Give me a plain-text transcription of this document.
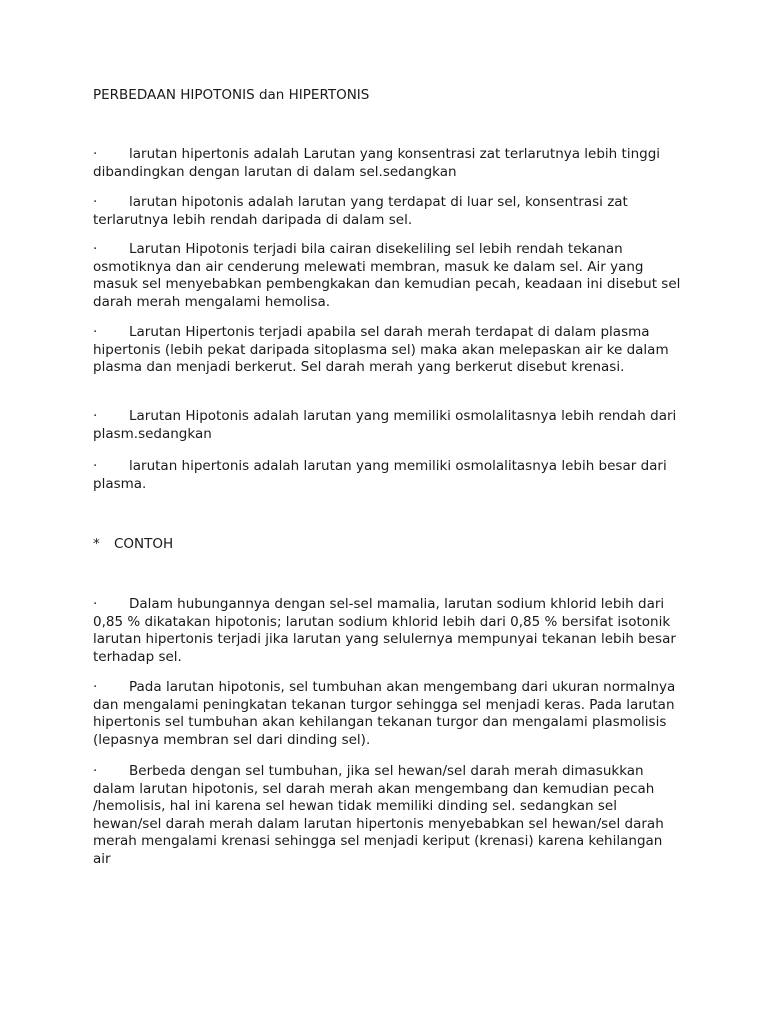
PERBEDAAN HIPOTONIS dan HIPERTONIS

· larutan hipertonis adalah Larutan yang konsentrasi zat terlarutnya lebih tinggi dibandingkan dengan larutan di dalam sel.sedangkan

· larutan hipotonis adalah larutan yang terdapat di luar sel, konsentrasi zat terlarutnya lebih rendah daripada di dalam sel.

· Larutan Hipotonis terjadi bila cairan disekeliling sel lebih rendah tekanan osmotiknya dan air cenderung melewati membran, masuk ke dalam sel. Air yang masuk sel menyebabkan pembengkakan dan kemudian pecah, keadaan ini disebut sel darah merah mengalami hemolisa.

· Larutan Hipertonis terjadi apabila sel darah merah terdapat di dalam plasma hipertonis (lebih pekat daripada sitoplasma sel) maka akan melepaskan air ke dalam plasma dan menjadi berkerut. Sel darah merah yang berkerut disebut krenasi.

· Larutan Hipotonis adalah larutan yang memiliki osmolalitasnya lebih rendah dari plasm.sedangkan

· larutan hipertonis adalah larutan yang memiliki osmolalitasnya lebih besar dari plasma.

* CONTOH

· Dalam hubungannya dengan sel-sel mamalia, larutan sodium khlorid lebih dari 0,85 % dikatakan hipotonis; larutan sodium khlorid lebih dari 0,85 % bersifat isotonik larutan hipertonis terjadi jika larutan yang selulernya mempunyai tekanan lebih besar terhadap sel.

· Pada larutan hipotonis, sel tumbuhan akan mengembang dari ukuran normalnya dan mengalami peningkatan tekanan turgor sehingga sel menjadi keras. Pada larutan hipertonis sel tumbuhan akan kehilangan tekanan turgor dan mengalami plasmolisis (lepasnya membran sel dari dinding sel).

· Berbeda dengan sel tumbuhan, jika sel hewan/sel darah merah dimasukkan dalam larutan hipotonis, sel darah merah akan mengembang dan kemudian pecah /hemolisis, hal ini karena sel hewan tidak memiliki dinding sel. sedangkan sel hewan/sel darah merah dalam larutan hipertonis menyebabkan sel hewan/sel darah merah mengalami krenasi sehingga sel menjadi keriput (krenasi) karena kehilangan air
